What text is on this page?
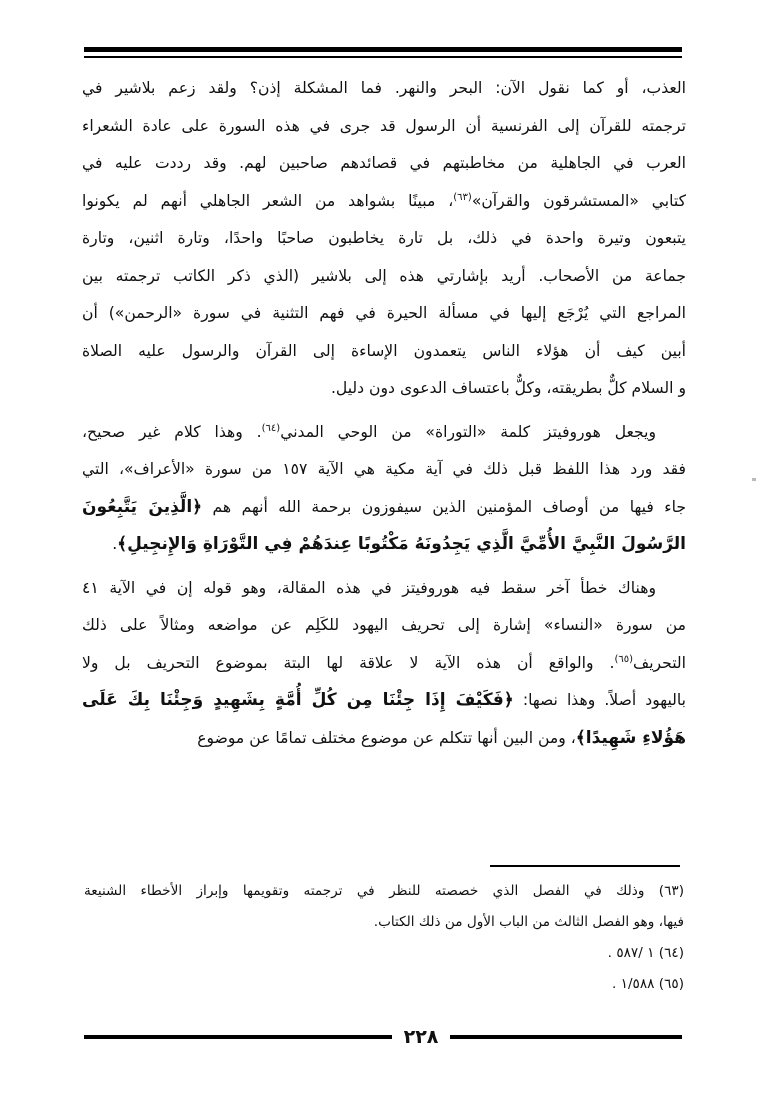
العذب، أو كما نقول الآن: البحر والنهر. فما المشكلة إذن؟ ولقد زعم بلاشير في
ترجمته للقرآن إلى الفرنسية أن الرسول قد جرى في هذه السورة على عادة الشعراء
العرب في الجاهلية من مخاطبتهم في قصائدهم صاحبين لهم. وقد رددت عليه في
كتابي «المستشرقون والقرآن»$^{(٦٣)}$، مبينًا بشواهد من الشعر الجاهلي أنهم لم يكونوا
يتبعون وتيرة واحدة في ذلك، بل تارة يخاطبون صاحبًا واحدًا، وتارة اثنين، وتارة
جماعة من الأصحاب. أريد بإشارتي هذه إلى بلاشير (الذي ذكر الكاتب ترجمته بين
المراجع التي يُرْجَع إليها في مسألة الحيرة في فهم التثنية في سورة «الرحمن») أن
أبين كيف أن هؤلاء الناس يتعمدون الإساءة إلى القرآن والرسول عليه الصلاة
و السلام كلٌّ بطريقته، وكلٌّ باعتساف الدعوى دون دليل.
ويجعل هوروفيتز كلمة «التوراة» من الوحي المدني$^{(٦٤)}$. وهذا كلام غير صحيح،
فقد ورد هذا اللفظ قبل ذلك في آية مكية هي الآية ١٥٧ من سورة «الأعراف»، التي
جاء فيها من أوصاف المؤمنين الذين سيفوزون برحمة الله أنهم هم ﴿الَّذِينَ يَتَّبِعُونَ
الرَّسُولَ النَّبِيَّ الأُمِّيَّ الَّذِي يَجِدُونَهُ مَكْتُوبًا عِندَهُمْ فِي التَّوْرَاةِ وَالإِنجِيلِ﴾.
وهناك خطأ آخر سقط فيه هوروفيتز في هذه المقالة، وهو قوله إن في الآية ٤١
من سورة «النساء» إشارة إلى تحريف اليهود للكَلِم عن مواضعه ومثالاً على ذلك
التحريف$^{(٦٥)}$. والواقع أن هذه الآية لا علاقة لها البتة بموضوع التحريف بل ولا
باليهود أصلاً. وهذا نصها: ﴿فَكَيْفَ إِذَا جِئْنَا مِن كُلِّ أُمَّةٍ بِشَهِيدٍ وَجِئْنَا بِكَ عَلَى
هَؤُلاءِ شَهِيدًا﴾، ومن البين أنها تتكلم عن موضوع مختلف تمامًا عن موضوع
(٦٣) وذلك في الفصل الذي خصصته للنظر في ترجمته وتقويمها وإبراز الأخطاء الشنيعة
فيها، وهو الفصل الثالث من الباب الأول من ذلك الكتاب.
(٦٤) ١ /٥٨٧ .
(٦٥) ١/٥٨٨ .
٢٢٨
